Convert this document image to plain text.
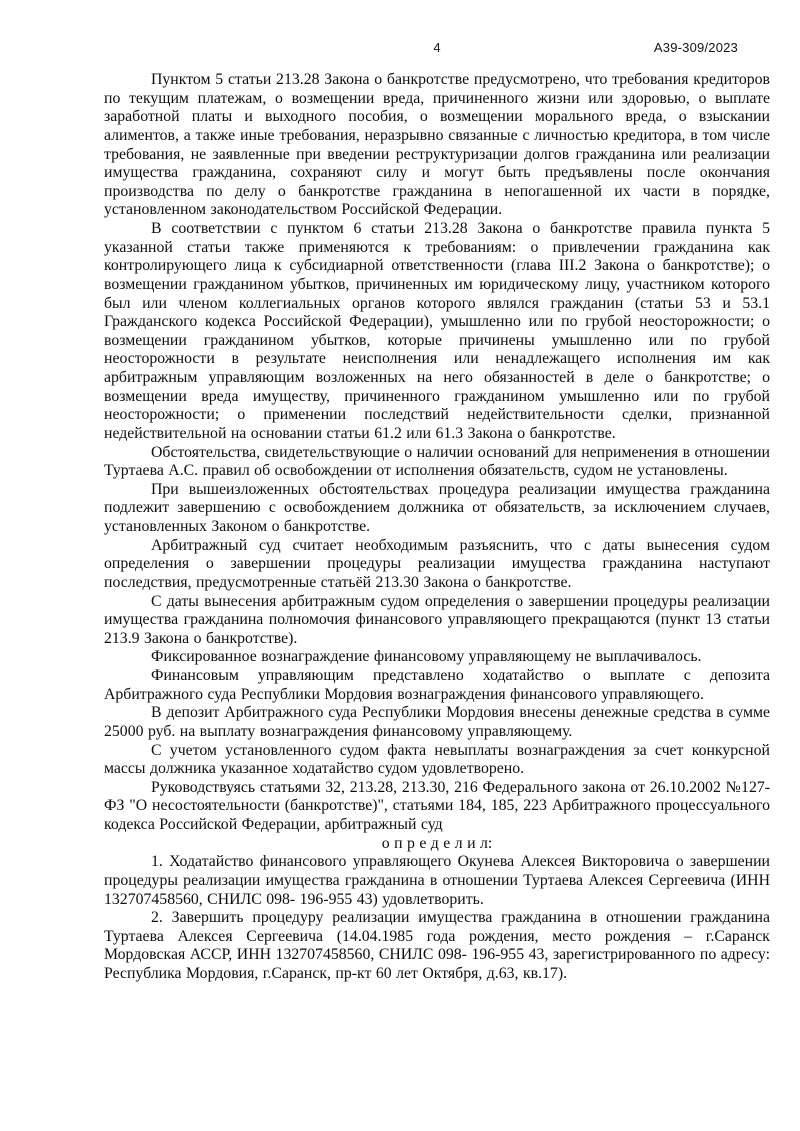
4	А39-309/2023

Пунктом 5 статьи 213.28 Закона о банкротстве предусмотрено, что требования кредиторов по текущим платежам, о возмещении вреда, причиненного жизни или здоровью, о выплате заработной платы и выходного пособия, о возмещении морального вреда, о взыскании алиментов, а также иные требования, неразрывно связанные с личностью кредитора, в том числе требования, не заявленные при введении реструктуризации долгов гражданина или реализации имущества гражданина, сохраняют силу и могут быть предъявлены после окончания производства по делу о банкротстве гражданина в непогашенной их части в порядке, установленном законодательством Российской Федерации.

В соответствии с пунктом 6 статьи 213.28 Закона о банкротстве правила пункта 5 указанной статьи также применяются к требованиям: о привлечении гражданина как контролирующего лица к субсидиарной ответственности (глава III.2 Закона о банкротстве); о возмещении гражданином убытков, причиненных им юридическому лицу, участником которого был или членом коллегиальных органов которого являлся гражданин (статьи 53 и 53.1 Гражданского кодекса Российской Федерации), умышленно или по грубой неосторожности; о возмещении гражданином убытков, которые причинены умышленно или по грубой неосторожности в результате неисполнения или ненадлежащего исполнения им как арбитражным управляющим возложенных на него обязанностей в деле о банкротстве; о возмещении вреда имуществу, причиненного гражданином умышленно или по грубой неосторожности; о применении последствий недействительности сделки, признанной недействительной на основании статьи 61.2 или 61.3 Закона о банкротстве.

Обстоятельства, свидетельствующие о наличии оснований для неприменения в отношении Туртаева А.С. правил об освобождении от исполнения обязательств, судом не установлены.

При вышеизложенных обстоятельствах процедура реализации имущества гражданина подлежит завершению с освобождением должника от обязательств, за исключением случаев, установленных Законом о банкротстве.

Арбитражный суд считает необходимым разъяснить, что с даты вынесения судом определения о завершении процедуры реализации имущества гражданина наступают последствия, предусмотренные статьёй 213.30 Закона о банкротстве.

С даты вынесения арбитражным судом определения о завершении процедуры реализации имущества гражданина полномочия финансового управляющего прекращаются (пункт 13 статьи 213.9 Закона о банкротстве).

Фиксированное вознаграждение финансовому управляющему не выплачивалось.

Финансовым управляющим представлено ходатайство о выплате с депозита Арбитражного суда Республики Мордовия вознаграждения финансового управляющего.

В депозит Арбитражного суда Республики Мордовия внесены денежные средства в сумме 25000 руб. на выплату вознаграждения финансовому управляющему.

С учетом установленного судом факта невыплаты вознаграждения за счет конкурсной массы должника указанное ходатайство судом удовлетворено.

Руководствуясь статьями 32, 213.28, 213.30, 216 Федерального закона от 26.10.2002 №127-ФЗ "О несостоятельности (банкротстве)", статьями 184, 185, 223 Арбитражного процессуального кодекса Российской Федерации, арбитражный суд

о п р е д е л и л:

1. Ходатайство финансового управляющего Окунева Алексея Викторовича о завершении процедуры реализации имущества гражданина в отношении Туртаева Алексея Сергеевича (ИНН 132707458560, СНИЛС 098- 196-955 43) удовлетворить.

2. Завершить процедуру реализации имущества гражданина в отношении гражданина Туртаева Алексея Сергеевича (14.04.1985 года рождения, место рождения – г.Саранск Мордовская АССР, ИНН 132707458560, СНИЛС 098- 196-955 43, зарегистрированного по адресу: Республика Мордовия, г.Саранск, пр-кт 60 лет Октября, д.63, кв.17).
